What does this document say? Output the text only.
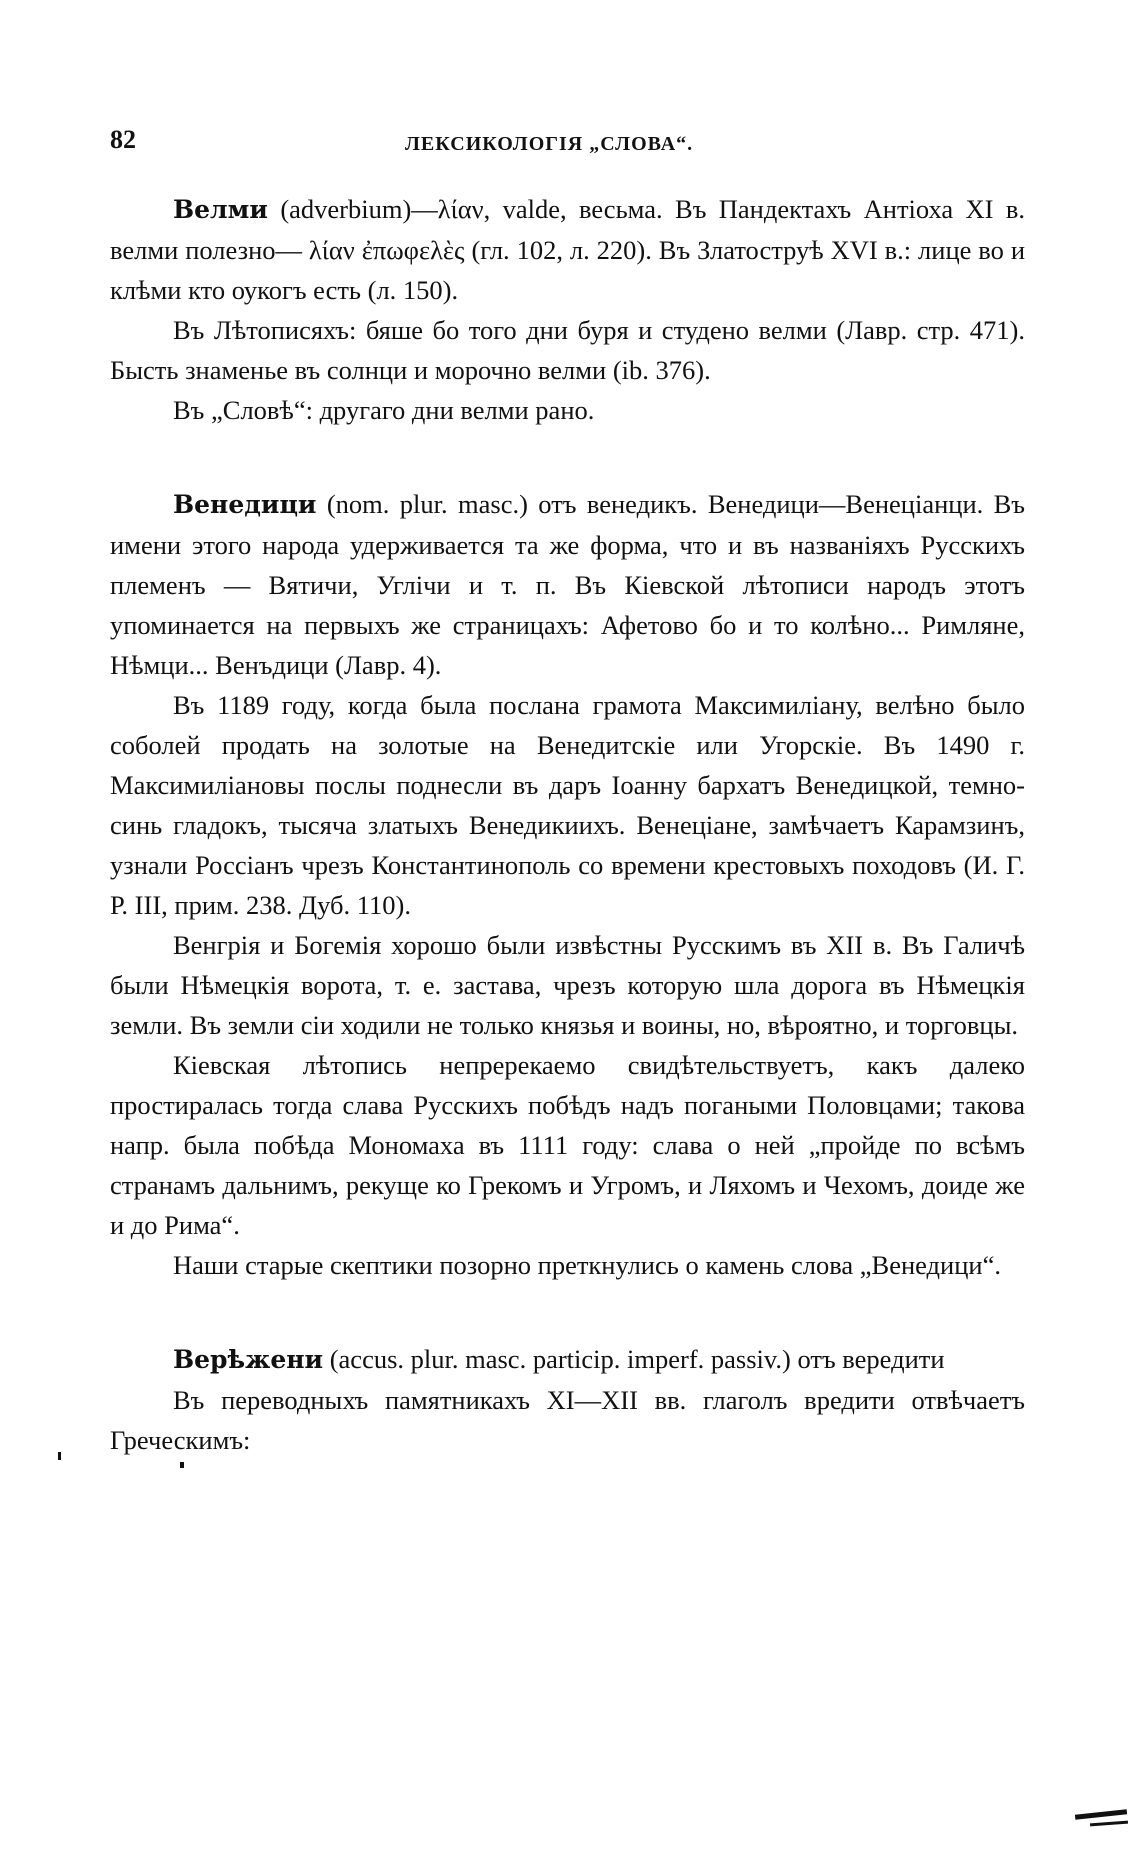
82	ЛЕКСИКОЛОГІЯ „СЛОВА“.

Велми (adverbium)—λίαν, valde, весьма. Въ Пандектахъ Антіоха XI в. велми полезно— λίαν ἐπωφελὲς (гл. 102, л. 220). Въ Златоструѣ XVI в.: лице во и клѣми кто оукогъ есть (л. 150).

Въ Лѣтописяхъ: бяше бо того дни буря и студено велми (Лавр. стр. 471). Бысть знаменье въ солнци и морочно велми (ib. 376).

Въ „Словѣ“: другаго дни велми рано.

Венедици (nom. plur. masc.) отъ венедикъ. Венедици—Венеціанци. Въ имени этого народа удерживается та же форма, что и въ названіяхъ Русскихъ племенъ — Вятичи, Углічи и т. п. Въ Кіевской лѣтописи народъ этотъ упоминается на первыхъ же страницахъ: Афетово бо и то колѣно... Римляне, Нѣмци... Венъдици (Лавр. 4).

Въ 1189 году, когда была послана грамота Максимиліану, велѣно было соболей продать на золотые на Венедитскіе или Угорскіе. Въ 1490 г. Максимиліановы послы поднесли въ даръ Іоанну бархатъ Венедицкой, темно-синь гладокъ, тысяча златыхъ Венедикиихъ. Венеціане, замѣчаетъ Карамзинъ, узнали Россіанъ чрезъ Константинополь со времени крестовыхъ походовъ (И. Г. Р. III, прим. 238. Дуб. 110).

Венгрія и Богемія хорошо были извѣстны Русскимъ въ XII в. Въ Галичѣ были Нѣмецкія ворота, т. е. застава, чрезъ которую шла дорога въ Нѣмецкія земли. Въ земли сіи ходили не только князья и воины, но, вѣроятно, и торговцы.

Кіевская лѣтопись непререкаемо свидѣтельствуетъ, какъ далеко простиралась тогда слава Русскихъ побѣдъ надъ погаными Половцами; такова напр. была побѣда Мономаха въ 1111 году: слава о ней „пройде по всѣмъ странамъ дальнимъ, рекуще ко Грекомъ и Угромъ, и Ляхомъ и Чехомъ, доиде же и до Рима“.

Наши старые скептики позорно преткнулись о камень слова „Венедици“.

Верѣжени (accus. plur. masc. particip. imperf. passiv.) отъ вередити

Въ переводныхъ памятникахъ XI—XII вв. глаголъ вредити отвѣчаетъ Греческимъ:
